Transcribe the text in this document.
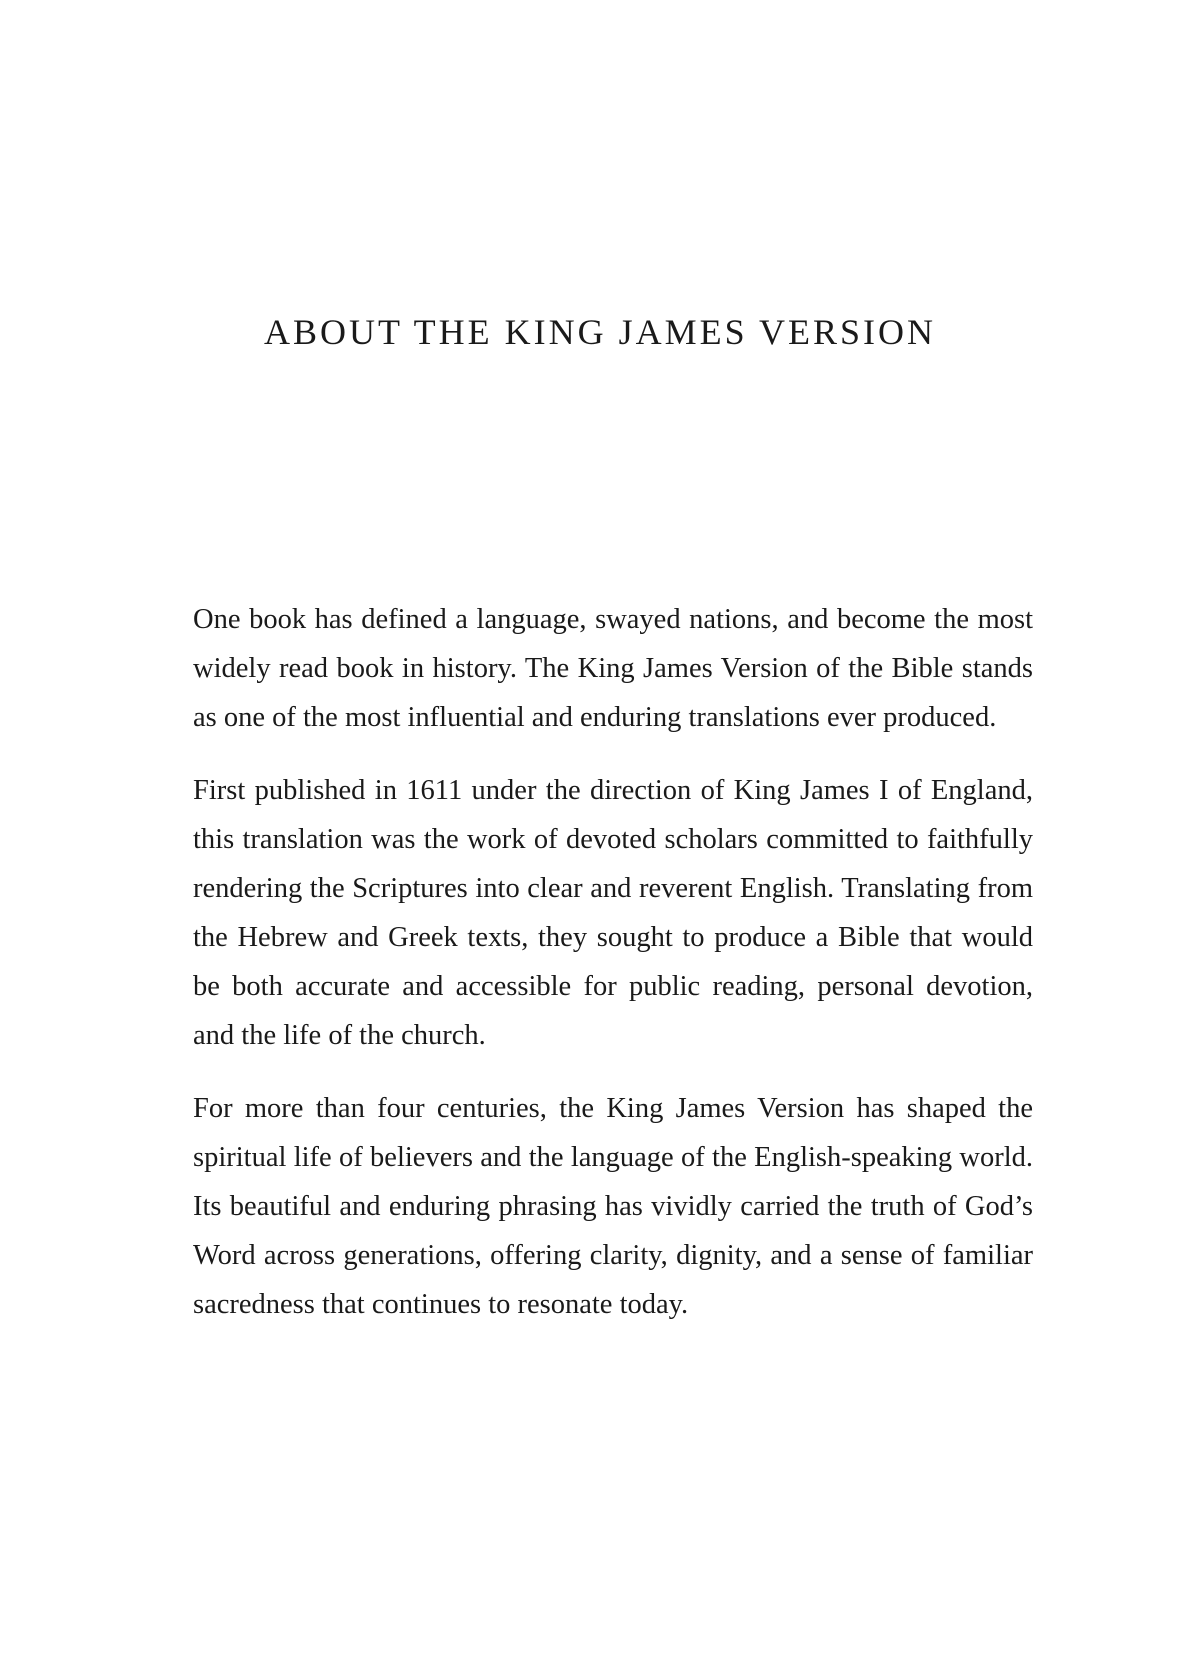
ABOUT THE KING JAMES VERSION

One book has defined a language, swayed nations, and become the most widely read book in history. The King James Version of the Bible stands as one of the most influential and enduring translations ever produced.

First published in 1611 under the direction of King James I of England, this translation was the work of devoted scholars committed to faithfully rendering the Scriptures into clear and reverent English. Translating from the Hebrew and Greek texts, they sought to produce a Bible that would be both accurate and accessible for public reading, personal devotion, and the life of the church.

For more than four centuries, the King James Version has shaped the spiritual life of believers and the language of the English-speaking world. Its beautiful and enduring phrasing has vividly carried the truth of God’s Word across generations, offering clarity, dignity, and a sense of familiar sacredness that continues to resonate today.
